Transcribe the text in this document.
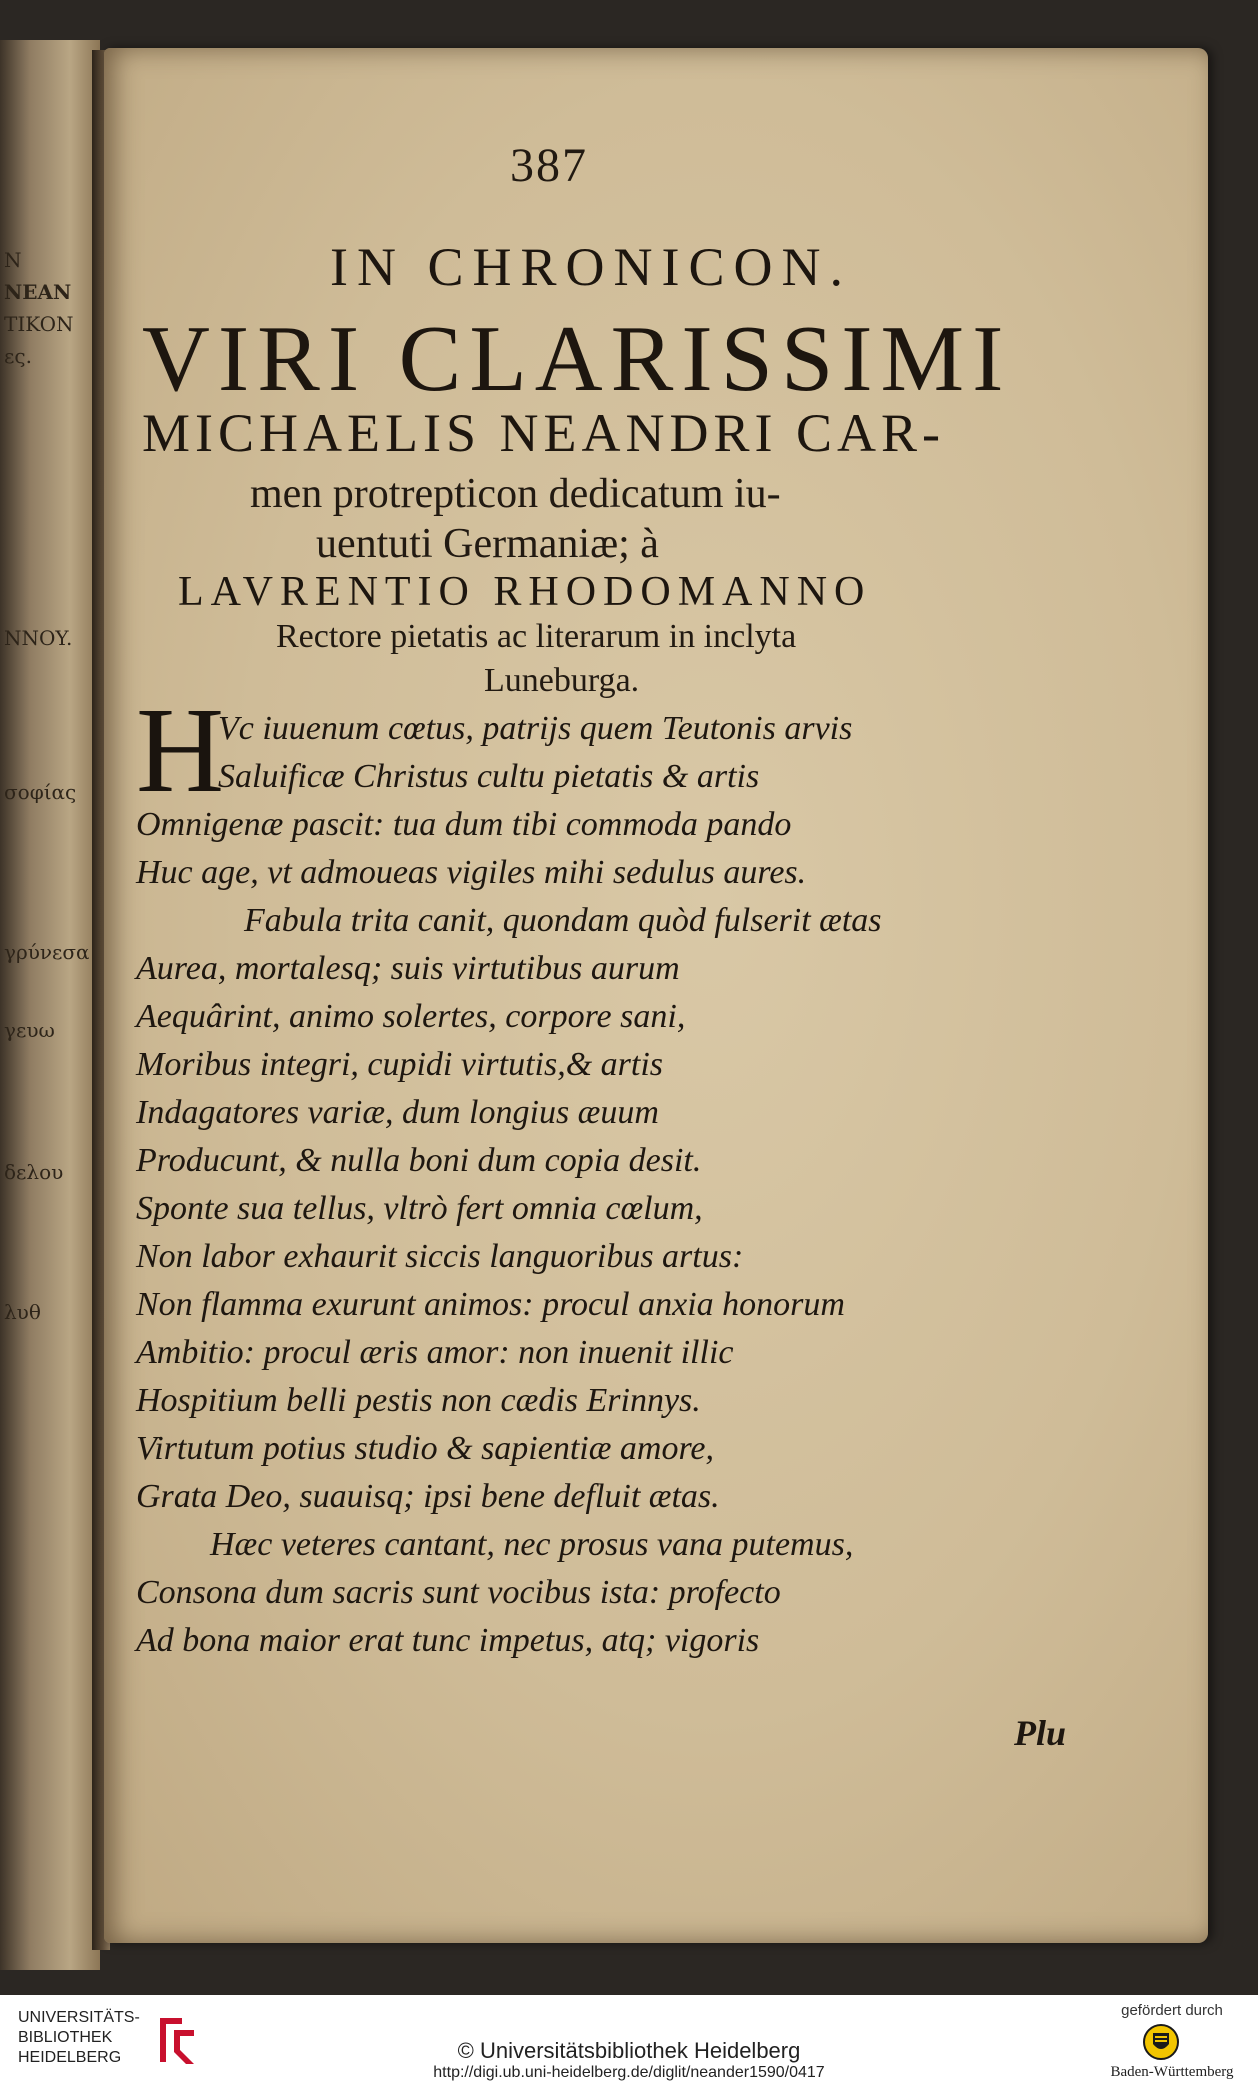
N
NEAN
TIKON
ες.
NNOY.
σοφίας
γρύνεσα
γευω
δελου
λυθ
387
IN CHRONICON.
VIRI CLARISSIMI
MICHAELIS NEANDRI CAR-
men protrepticon dedicatum iu-
uentuti Germaniæ; à
LAVRENTIO RHODOMANNO
Rectore pietatis ac literarum in inclyta
Luneburga.
H
Vc iuuenum cœtus, patrijs quem Teutonis arvis
Saluificæ Christus cultu pietatis & artis
Omnigenæ pascit: tua dum tibi commoda pando
Huc age, vt admoueas vigiles mihi sedulus aures.
Fabula trita canit, quondam quòd fulserit ætas
Aurea, mortalesq; suis virtutibus aurum
Aequârint, animo solertes, corpore sani,
Moribus integri, cupidi virtutis,& artis
Indagatores variæ, dum longius æuum
Producunt, & nulla boni dum copia desit.
Sponte sua tellus, vltrò fert omnia cœlum,
Non labor exhaurit siccis languoribus artus:
Non flamma exurunt animos: procul anxia honorum
Ambitio: procul æris amor: non inuenit illic
Hospitium belli pestis non cædis Erinnys.
Virtutum potius studio & sapientiæ amore,
Grata Deo, suauisq; ipsi bene defluit ætas.
Hæc veteres cantant, nec prosus vana putemus,
Consona dum sacris sunt vocibus ista: profecto
Ad bona maior erat tunc impetus, atq; vigoris
Plu
UNIVERSITÄTS-
BIBLIOTHEK
HEIDELBERG	© Universitätsbibliothek Heidelberg
http://digi.ub.uni-heidelberg.de/diglit/neander1590/0417
gefördert durch
Baden-Württemberg
